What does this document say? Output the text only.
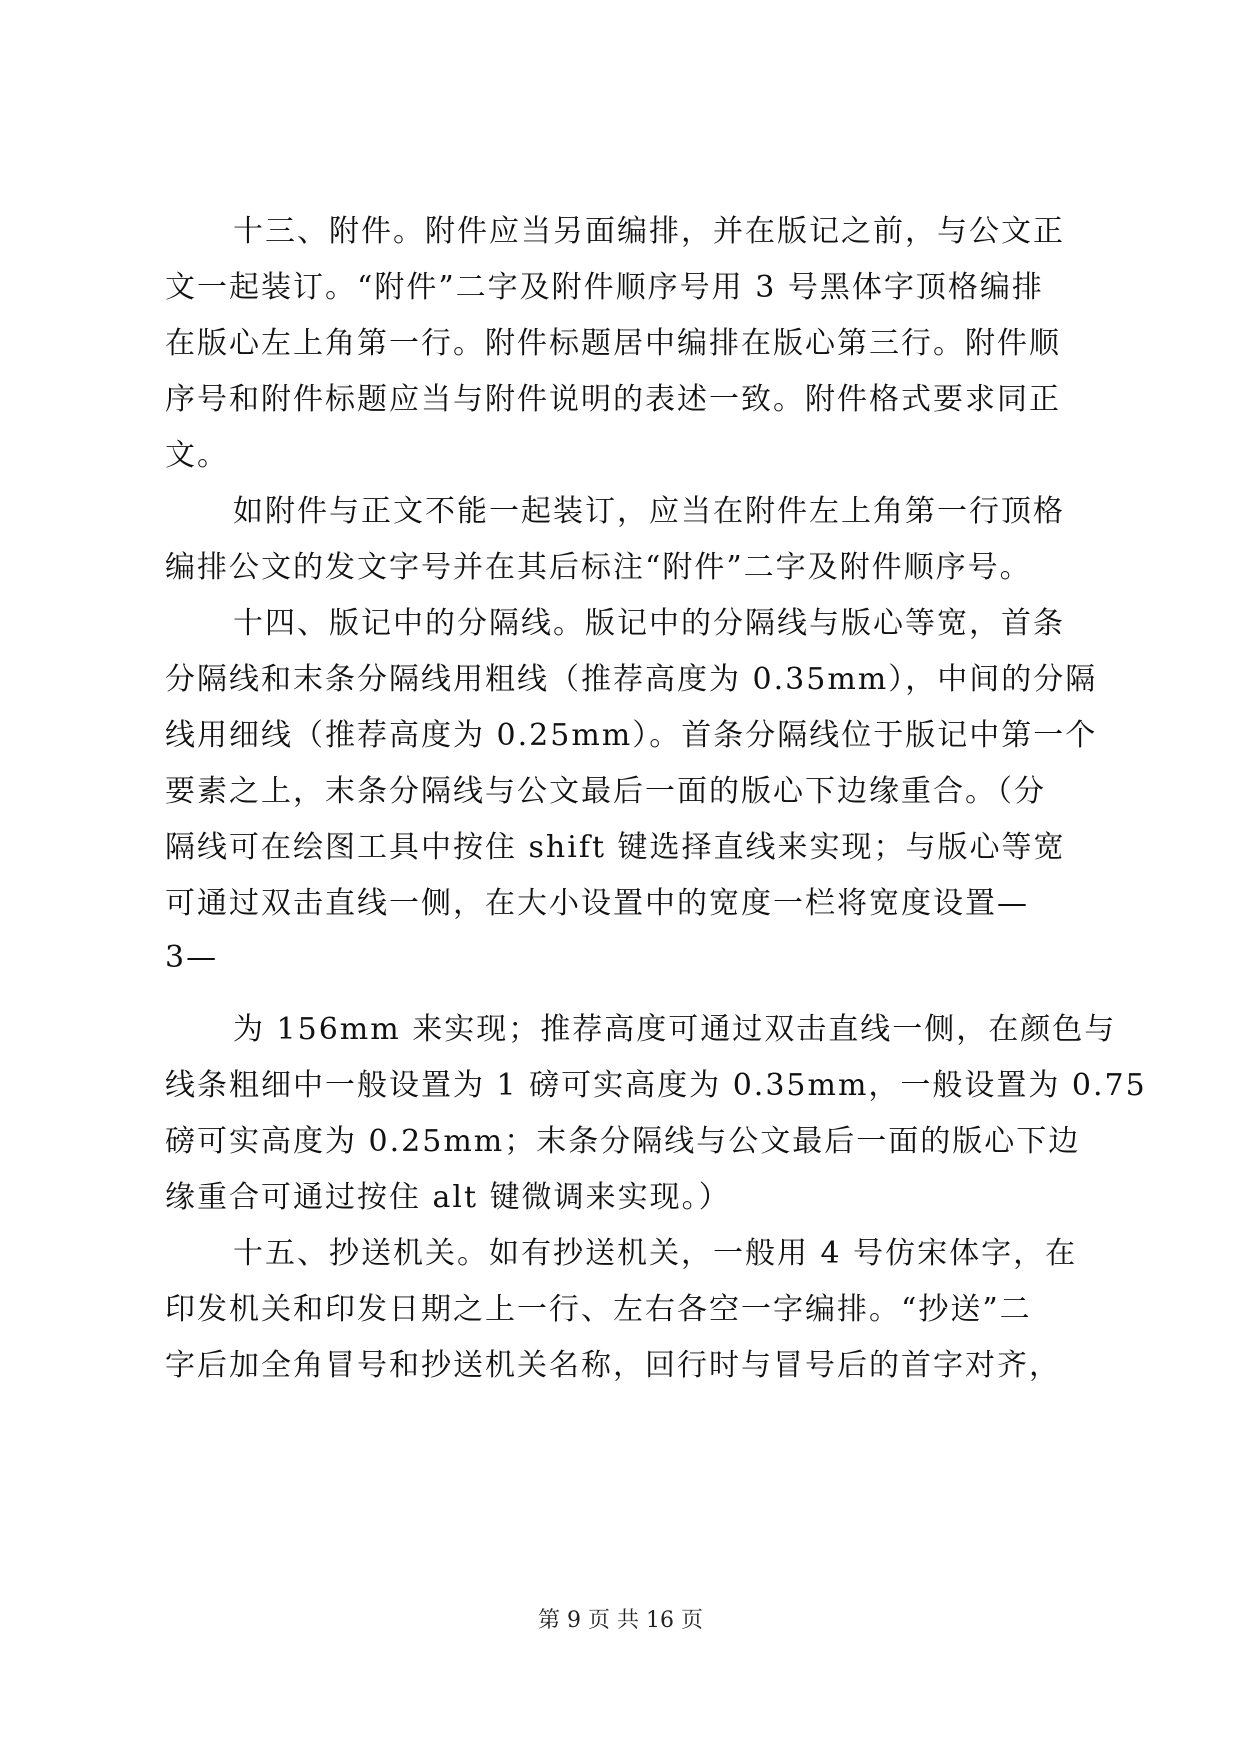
十三、附件。附件应当另面编排，并在版记之前，与公文正
文一起装订。“附件”二字及附件顺序号用 3 号黑体字顶格编排
在版心左上角第一行。附件标题居中编排在版心第三行。附件顺
序号和附件标题应当与附件说明的表述一致。附件格式要求同正
文。
如附件与正文不能一起装订，应当在附件左上角第一行顶格
编排公文的发文字号并在其后标注“附件”二字及附件顺序号。
十四、版记中的分隔线。版记中的分隔线与版心等宽，首条
分隔线和末条分隔线用粗线（推荐高度为 0.35mm），中间的分隔
线用细线（推荐高度为 0.25mm）。首条分隔线位于版记中第一个
要素之上，末条分隔线与公文最后一面的版心下边缘重合。（分
隔线可在绘图工具中按住 shift 键选择直线来实现；与版心等宽
可通过双击直线一侧，在大小设置中的宽度一栏将宽度设置—
3—
为 156mm 来实现；推荐高度可通过双击直线一侧，在颜色与
线条粗细中一般设置为 1 磅可实高度为 0.35mm，一般设置为 0.75
磅可实高度为 0.25mm；末条分隔线与公文最后一面的版心下边
缘重合可通过按住 alt 键微调来实现。）
十五、抄送机关。如有抄送机关，一般用 4 号仿宋体字，在
印发机关和印发日期之上一行、左右各空一字编排。“抄送”二
字后加全角冒号和抄送机关名称，回行时与冒号后的首字对齐，
第 9 页 共 16 页
